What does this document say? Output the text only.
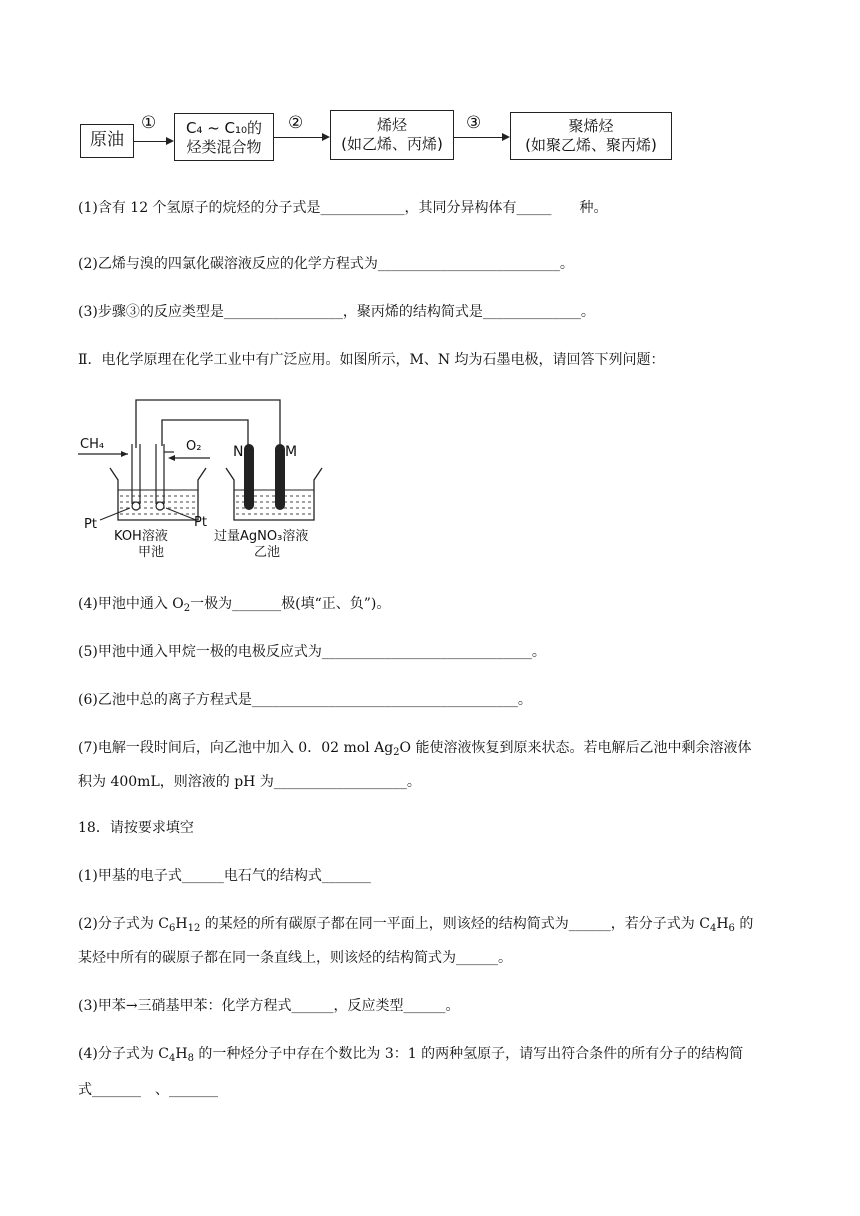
原油
①	C₄ ~ C₁₀的
烃类混合物
②	烯烃
(如乙烯、丙烯)
③	聚烯烃
(如聚乙烯、聚丙烯)
(1)含有 12 个氢原子的烷烃的分子式是____________，其同分异构体有_____　　种。
(2)乙烯与溴的四氯化碳溶液反应的化学方程式为__________________________。
(3)步骤③的反应类型是_________________，聚丙烯的结构简式是______________。
Ⅱ．电化学原理在化学工业中有广泛应用。如图所示，M、N 均为石墨电极，请回答下列问题：
CH₄	O₂ N	M
Pt	Pt
KOH溶液
甲池
过量AgNO₃溶液
乙池
(4)甲池中通入 $O_2$一极为_______极(填“正、负”)。
(5)甲池中通入甲烷一极的电极反应式为______________________________。
(6)乙池中总的离子方程式是______________________________________。
(7)电解一段时间后，向乙池中加入 0．02 mol $Ag_2O$ 能使溶液恢复到原来状态。若电解后乙池中剩余溶液体
积为 400mL，则溶液的 pH 为___________________。
18．请按要求填空
(1)甲基的电子式______电石气的结构式_______
(2)分子式为 $C_6H_{12}$ 的某烃的所有碳原子都在同一平面上，则该烃的结构简式为______，若分子式为 $C_4H_6$ 的
某烃中所有的碳原子都在同一条直线上，则该烃的结构简式为______。
(3)甲苯→三硝基甲苯：化学方程式______，反应类型______。
(4)分子式为 $C_4H_8$ 的一种烃分子中存在个数比为 3：1 的两种氢原子，请写出符合条件的所有分子的结构简
式_______　、_______
